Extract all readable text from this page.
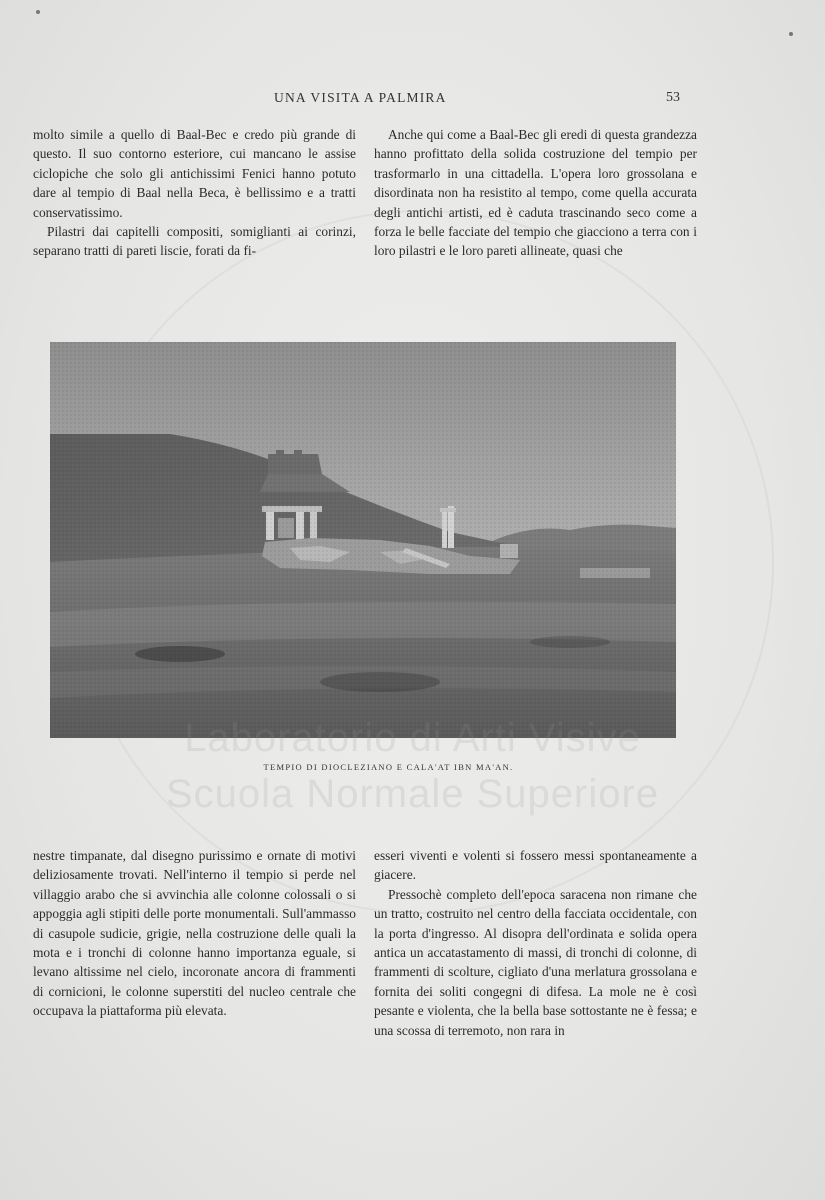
UNA VISITA A PALMIRA	53

molto simile a quello di Baal-Bec e credo più grande di questo. Il suo contorno esteriore, cui mancano le assise ciclopiche che solo gli antichissimi Fenici hanno potuto dare al tempio di Baal nella Beca, è bellissimo e a tratti conservatissimo.

Pilastri dai capitelli compositi, somiglianti ai corinzi, separano tratti di pareti liscie, forati da fi-

Anche qui come a Baal-Bec gli eredi di questa grandezza hanno profittato della solida costruzione del tempio per trasformarlo in una cittadella. L'opera loro grossolana e disordinata non ha resistito al tempo, come quella accurata degli antichi artisti, ed è caduta trascinando seco come a forza le belle facciate del tempio che giacciono a terra con i loro pilastri e le loro pareti allineate, quasi che

TEMPIO DI DIOCLEZIANO E CALA'AT IBN MA'AN.
Laboratorio di Arti Visive
Scuola Normale Superiore

nestre timpanate, dal disegno purissimo e ornate di motivi deliziosamente trovati. Nell'interno il tempio si perde nel villaggio arabo che si avvinchia alle colonne colossali o si appoggia agli stipiti delle porte monumentali. Sull'ammasso di casupole sudicie, grigie, nella costruzione delle quali la mota e i tronchi di colonne hanno importanza eguale, si levano altissime nel cielo, incoronate ancora di frammenti di cornicioni, le colonne superstiti del nucleo centrale che occupava la piattaforma più elevata.

esseri viventi e volenti si fossero messi spontaneamente a giacere.

Pressochè completo dell'epoca saracena non rimane che un tratto, costruito nel centro della facciata occidentale, con la porta d'ingresso. Al disopra dell'ordinata e solida opera antica un accatastamento di massi, di tronchi di colonne, di frammenti di scolture, cigliato d'una merlatura grossolana e fornita dei soliti congegni di difesa. La mole ne è così pesante e violenta, che la bella base sottostante ne è fessa; e una scossa di terremoto, non rara in
